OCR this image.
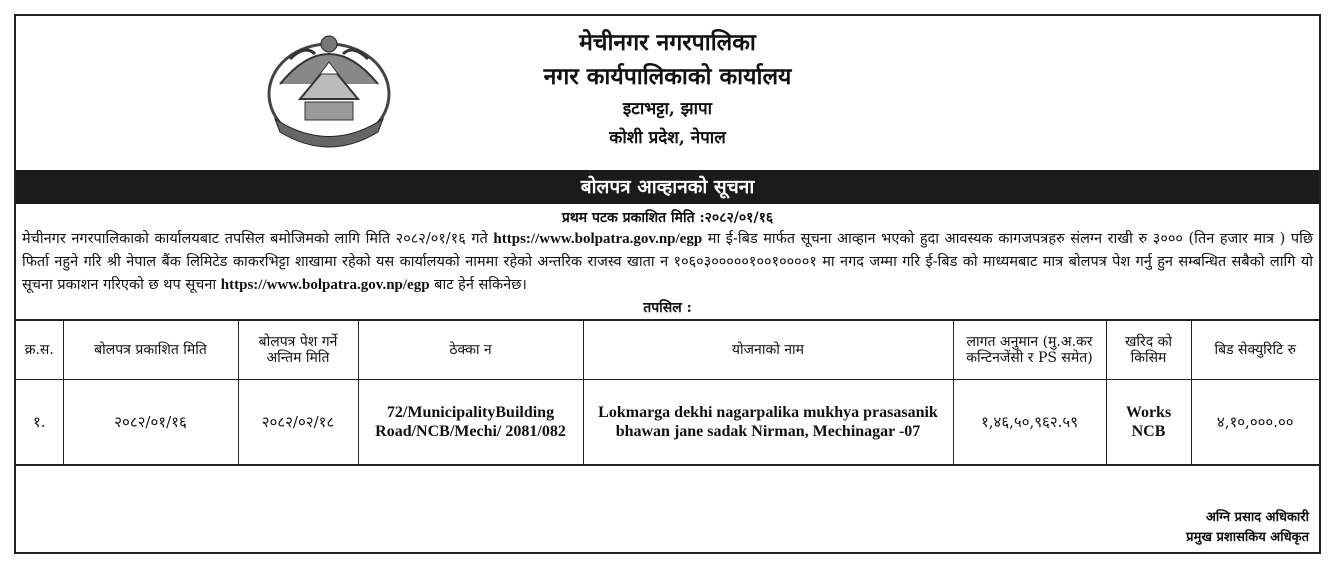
मेचीनगर नगरपालिका
नगर कार्यपालिकाको कार्यालय
इटाभट्टा, झापा
कोशी प्रदेश, नेपाल
बोलपत्र आव्हानको सूचना
प्रथम पटक प्रकाशित मिति :२०८२/०१/१६
मेचीनगर नगरपालिकाको कार्यालयबाट तपसिल बमोजिमको लागि मिति २०८२/०१/१६ गते https://www.bolpatra.gov.np/egp मा ई-बिड मार्फत सूचना आव्हान भएको हुदा आवस्यक कागजपत्रहरु संलग्न राखी रु ३००० (तिन हजार मात्र ) पछि फिर्ता नहुने गरि श्री नेपाल बैंक लिमिटेड काकरभिट्टा शाखामा रहेको यस कार्यालयको नाममा रहेको अन्तरिक राजस्व खाता न १०६०३०००००१००१००००१ मा नगद जम्मा गरि ई-बिड को माध्यमबाट मात्र बोलपत्र पेश गर्नु हुन सम्बन्धित सबैको लागि यो सूचना प्रकाशन गरिएको छ थप सूचना https://www.bolpatra.gov.np/egp बाट हेर्न सकिनेछ।
तपसिल :
क्र.स.	बोलपत्र प्रकाशित मिति	बोलपत्र पेश गर्ने अन्तिम मिति	ठेक्का न	योजनाको नाम	लागत अनुमान (मु.अ.कर कन्टिनजेंसी र PS समेत)	खरिद को किसिम	बिड सेक्युरिटि रु
१.	२०८२/०१/१६	२०८२/०२/१८	72/MunicipalityBuilding Road/NCB/Mechi/ 2081/082	Lokmarga dekhi nagarpalika mukhya prasasanik bhawan jane sadak Nirman, Mechinagar -07	१,४६,५०,९६२.५९	Works NCB	४,१०,०००.००
अग्नि प्रसाद अधिकारी
प्रमुख प्रशासकिय अधिकृत
